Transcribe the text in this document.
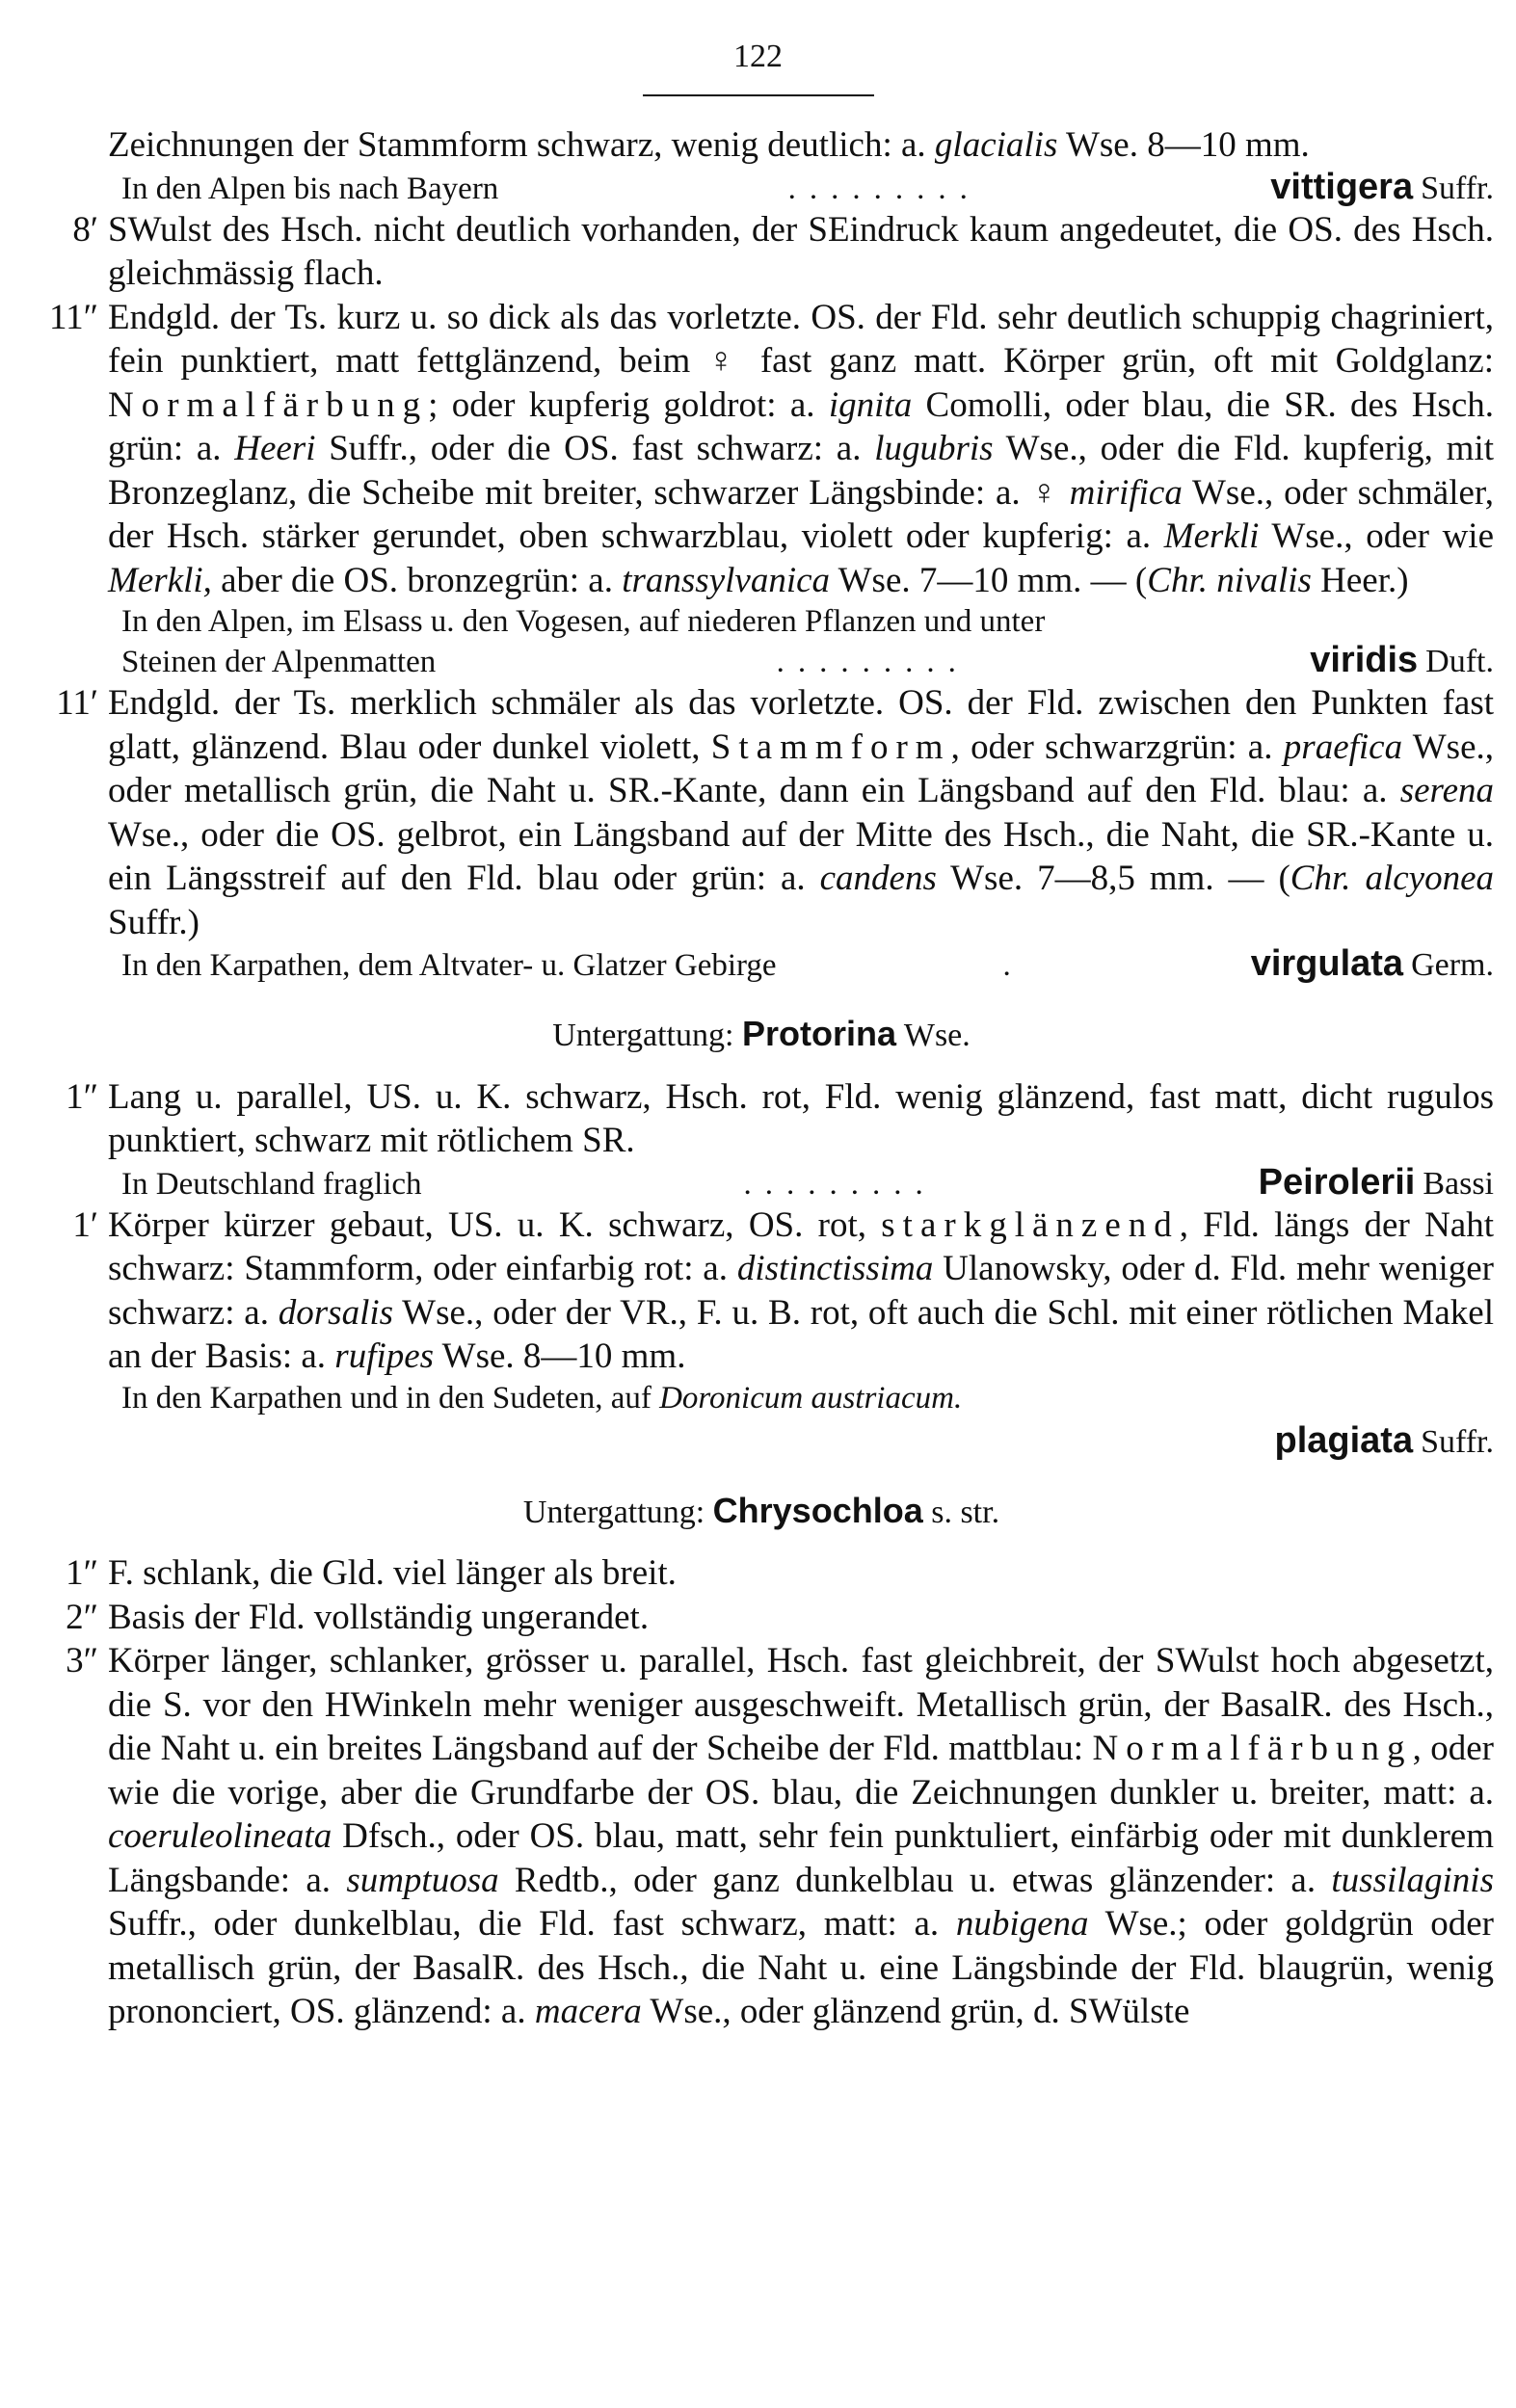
122

Zeichnungen der Stammform schwarz, wenig deutlich: a. glacialis Wse. 8—10 mm.

In den Alpen bis nach Bayern	.........	vittigera Suffr.

8′ SWulst des Hsch. nicht deutlich vorhanden, der SEindruck kaum angedeutet, die OS. des Hsch. gleichmässig flach.

11″ Endgld. der Ts. kurz u. so dick als das vorletzte. OS. der Fld. sehr deutlich schuppig chagriniert, fein punktiert, matt fettglänzend, beim ♀ fast ganz matt. Körper grün, oft mit Goldglanz: Normalfärbung; oder kupferig goldrot: a. ignita Comolli, oder blau, die SR. des Hsch. grün: a. Heeri Suffr., oder die OS. fast schwarz: a. lugubris Wse., oder die Fld. kupferig, mit Bronzeglanz, die Scheibe mit breiter, schwarzer Längsbinde: a. ♀ mirifica Wse., oder schmäler, der Hsch. stärker gerundet, oben schwarzblau, violett oder kupferig: a. Merkli Wse., oder wie Merkli, aber die OS. bronzegrün: a. transsylvanica Wse. 7—10 mm. — (Chr. nivalis Heer.)

In den Alpen, im Elsass u. den Vogesen, auf niederen Pflanzen und unter

Steinen der Alpenmatten	.........	viridis Duft.

11′ Endgld. der Ts. merklich schmäler als das vorletzte. OS. der Fld. zwischen den Punkten fast glatt, glänzend. Blau oder dunkel violett, Stammform, oder schwarzgrün: a. praefica Wse., oder metallisch grün, die Naht u. SR.-Kante, dann ein Längsband auf den Fld. blau: a. serena Wse., oder die OS. gelbrot, ein Längsband auf der Mitte des Hsch., die Naht, die SR.-Kante u. ein Längsstreif auf den Fld. blau oder grün: a. candens Wse. 7—8,5 mm. — (Chr. alcyonea Suffr.)

In den Karpathen, dem Altvater- u. Glatzer Gebirge	.	virgulata Germ.

Untergattung: Protorina Wse.

1″ Lang u. parallel, US. u. K. schwarz, Hsch. rot, Fld. wenig glänzend, fast matt, dicht rugulos punktiert, schwarz mit rötlichem SR.

In Deutschland fraglich	.........	Peirolerii Bassi

1′ Körper kürzer gebaut, US. u. K. schwarz, OS. rot, starkglänzend, Fld. längs der Naht schwarz: Stammform, oder einfarbig rot: a. distinctissima Ulanowsky, oder d. Fld. mehr weniger schwarz: a. dorsalis Wse., oder der VR., F. u. B. rot, oft auch die Schl. mit einer rötlichen Makel an der Basis: a. rufipes Wse. 8—10 mm.

In den Karpathen und in den Sudeten, auf Doronicum austriacum.

plagiata Suffr.

Untergattung: Chrysochloa s. str.

1″ F. schlank, die Gld. viel länger als breit.

2″ Basis der Fld. vollständig ungerandet.

3″ Körper länger, schlanker, grösser u. parallel, Hsch. fast gleichbreit, der SWulst hoch abgesetzt, die S. vor den HWinkeln mehr weniger ausgeschweift. Metallisch grün, der BasalR. des Hsch., die Naht u. ein breites Längsband auf der Scheibe der Fld. mattblau: Normalfärbung, oder wie die vorige, aber die Grundfarbe der OS. blau, die Zeichnungen dunkler u. breiter, matt: a. coeruleolineata Dfsch., oder OS. blau, matt, sehr fein punktuliert, einfärbig oder mit dunklerem Längsbande: a. sumptuosa Redtb., oder ganz dunkelblau u. etwas glänzender: a. tussilaginis Suffr., oder dunkelblau, die Fld. fast schwarz, matt: a. nubigena Wse.; oder goldgrün oder metallisch grün, der BasalR. des Hsch., die Naht u. eine Längsbinde der Fld. blaugrün, wenig prononciert, OS. glänzend: a. macera Wse., oder glänzend grün, d. SWülste
